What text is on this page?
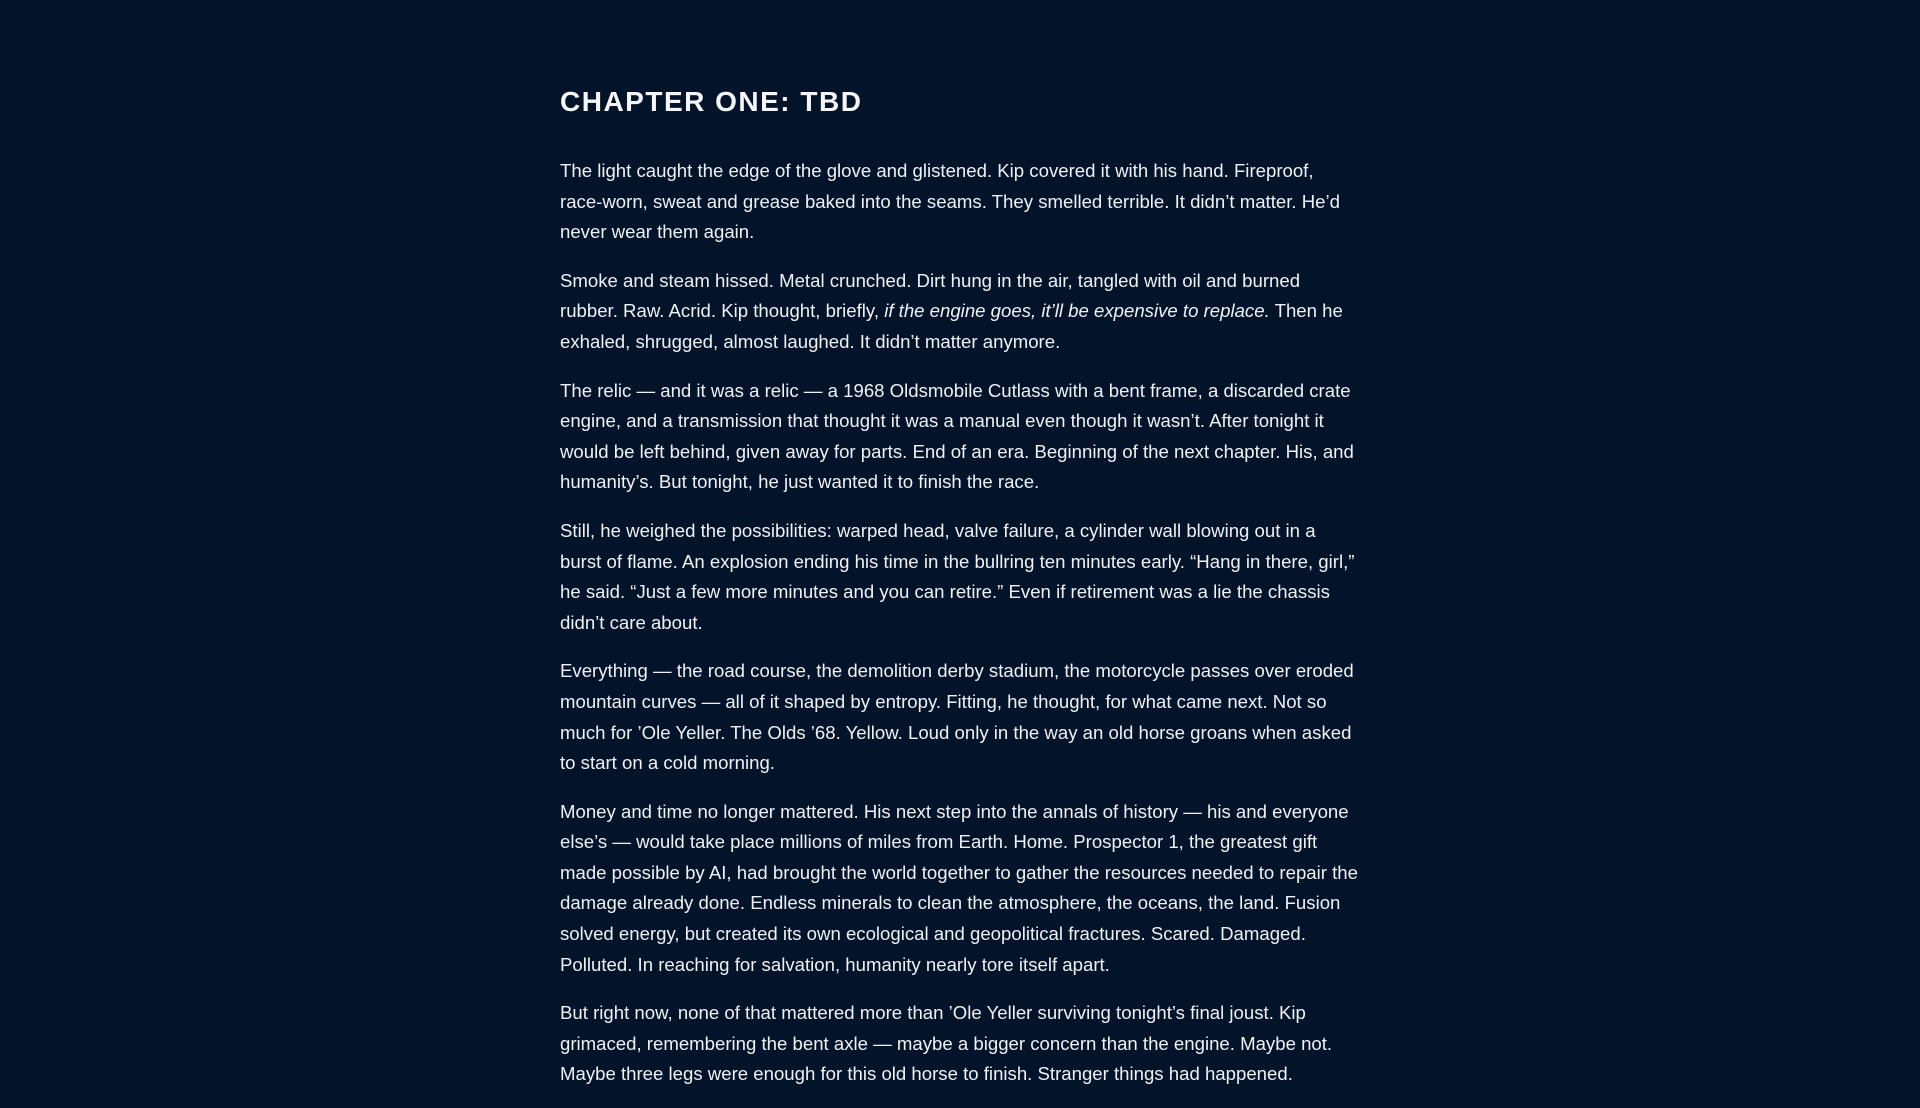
CHAPTER ONE: TBD

The light caught the edge of the glove and glistened. Kip covered it with his hand. Fireproof, race-worn, sweat and grease baked into the seams. They smelled terrible. It didn’t matter. He’d never wear them again.

Smoke and steam hissed. Metal crunched. Dirt hung in the air, tangled with oil and burned rubber. Raw. Acrid. Kip thought, briefly, if the engine goes, it’ll be expensive to replace. Then he exhaled, shrugged, almost laughed. It didn’t matter anymore.

The relic — and it was a relic — a 1968 Oldsmobile Cutlass with a bent frame, a discarded crate engine, and a transmission that thought it was a manual even though it wasn’t. After tonight it would be left behind, given away for parts. End of an era. Beginning of the next chapter. His, and humanity’s. But tonight, he just wanted it to finish the race.

Still, he weighed the possibilities: warped head, valve failure, a cylinder wall blowing out in a burst of flame. An explosion ending his time in the bullring ten minutes early. “Hang in there, girl,” he said. “Just a few more minutes and you can retire.” Even if retirement was a lie the chassis didn’t care about.

Everything — the road course, the demolition derby stadium, the motorcycle passes over eroded mountain curves — all of it shaped by entropy. Fitting, he thought, for what came next. Not so much for ’Ole Yeller. The Olds ’68. Yellow. Loud only in the way an old horse groans when asked to start on a cold morning.

Money and time no longer mattered. His next step into the annals of history — his and everyone else’s — would take place millions of miles from Earth. Home. Prospector 1, the greatest gift made possible by AI, had brought the world together to gather the resources needed to repair the damage already done. Endless minerals to clean the atmosphere, the oceans, the land. Fusion solved energy, but created its own ecological and geopolitical fractures. Scared. Damaged. Polluted. In reaching for salvation, humanity nearly tore itself apart.

But right now, none of that mattered more than ’Ole Yeller surviving tonight’s final joust. Kip grimaced, remembering the bent axle — maybe a bigger concern than the engine. Maybe not. Maybe three legs were enough for this old horse to finish. Stranger things had happened.
